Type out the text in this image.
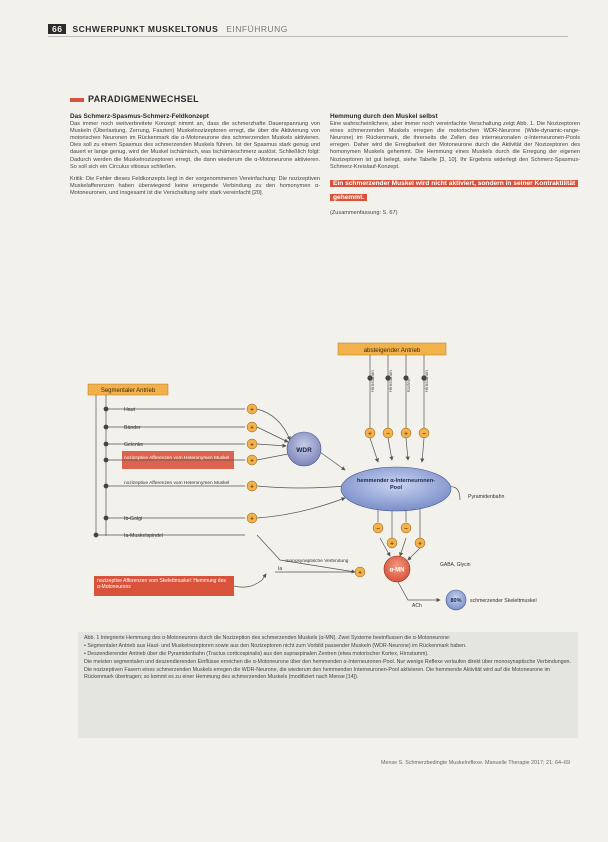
66 SCHWERPUNKT MUSKELTONUS EINFÜHRUNG
PARADIGMENWECHSEL
Das Schmerz-Spasmus-Schmerz-Feldkonzept

Das immer noch weitverbreitete Konzept nimmt an, dass die schmerzhafte Dauerspannung von Muskeln (Überlastung, Zerrung, Faszien) Muskelnozizeptoren erregt, die über die Aktivierung von motorischen Neuronen im Rückenmark die α-Motoneurone des schmerzenden Muskels aktivieren. Dies soll zu einem Spasmus des schmerzenden Muskels führen. Ist der Spasmus stark genug und dauert er lange genug, wird der Muskel ischämisch, was Ischämieschmerz auslöst. Schließlich folgt: Dadurch werden die Muskelnozizeptoren erregt, die dann wiederum die α-Motoneurone aktivieren. So soll sich ein Circulus vitiosus schließen.

Kritik: Die Fehler dieses Feldkonzepts liegt in der vorgenommenen Vereinfachung: Die nozizeptiven Muskelafferenzen haben überwiegend keine erregende Verbindung zu den homonymen α-Motoneuronen, und insgesamt ist die Verschaltung sehr stark vereinfacht [20].

Hemmung durch den Muskel selbst

Eine wahrscheinlichere, aber immer noch vereinfachte Verschaltung zeigt Abb. 1. Die Nozizeptoren eines schmerzenden Muskels erregen die motorischen WDR-Neurone (Wide-dynamic-range-Neurone) im Rückenmark, die ihrerseits die Zellen des interneuronalen α-Interneuronen-Pools erregen. Daher wird die Erregbarkeit der Motoneurone durch die Aktivität der Nozizeptoren des homonymen Muskels gehemmt. Die Hemmung eines Muskels durch die Erregung der eigenen Nozizeptoren ist gut belegt, siehe Tabelle [3, 10]. Ihr Ergebnis widerlegt den Schmerz-Spasmus-Schmerz-Kreislauf-Konzept.

Ein schmerzender Muskel wird nicht aktiviert, sondern in seiner Kontraktilität gehemmt.

(Zusammenfassung: S. 67)

absteigender Antrieb
Hirnstamm	Hirnstamm	Kortex	Hirnstamm
+ − + −
Segmentaler Antrieb
Haut
Bänder
Gelenke
nozizeptive Afferenzen vom Heteronymen Muskel
nozizeptive Afferenzen vom Heteronymen Muskel
Ib-Golgi
Ia-Muskelspindel
+
+
+
+
+
+
WDR
hemmender α-Interneuronen-Pool
Pyramidenbahn
−
+
−
+
Ia
monosynaptische Verbindung
+	α-MN
GABA, Glycin
ACh
80% schmerzender Skelettmuskel
nozizeptive Afferenzen vom Skelettmuskel: Hemmung des α-Motoneurons

Abb. 1 Integrierte Hemmung des α-Motoneurons durch die Nozizeption des schmerzenden Muskels (α-MN). Zwei Systeme beeinflussen die α-Motoneurone:

• Segmentaler Antrieb aus Haut- und Muskelrezeptoren sowie aus den Nozizeptoren nicht zum Vorbild passender Muskeln (WDR-Neurone) im Rückenmark haben.

• Deszendierender Antrieb über die Pyramidenbahn (Tractus corticospinalis) aus den supraspinalen Zentren (etwa motorischer Kortex, Hirnstamm).

Die meisten segmentalen und deszendierenden Einflüsse erreichen die α-Motoneurone über den hemmenden α-Interneuronen-Pool. Nur wenige Reflexe verlaufen direkt über monosynaptische Verbindungen.

Die nozizeptiven Fasern eines schmerzenden Muskels erregen die WDR-Neurone, die wiederum den hemmenden Interneuronen-Pool aktivieren. Die hemmende Aktivität wird auf die Motoneurone im Rückenmark übertragen; so kommt es zu einer Hemmung des schmerzenden Muskels (modifiziert nach Mense [14]).

Mense S. Schmerzbedingte Muskelreflexe. Manuelle Therapie 2017; 21: 64–69
